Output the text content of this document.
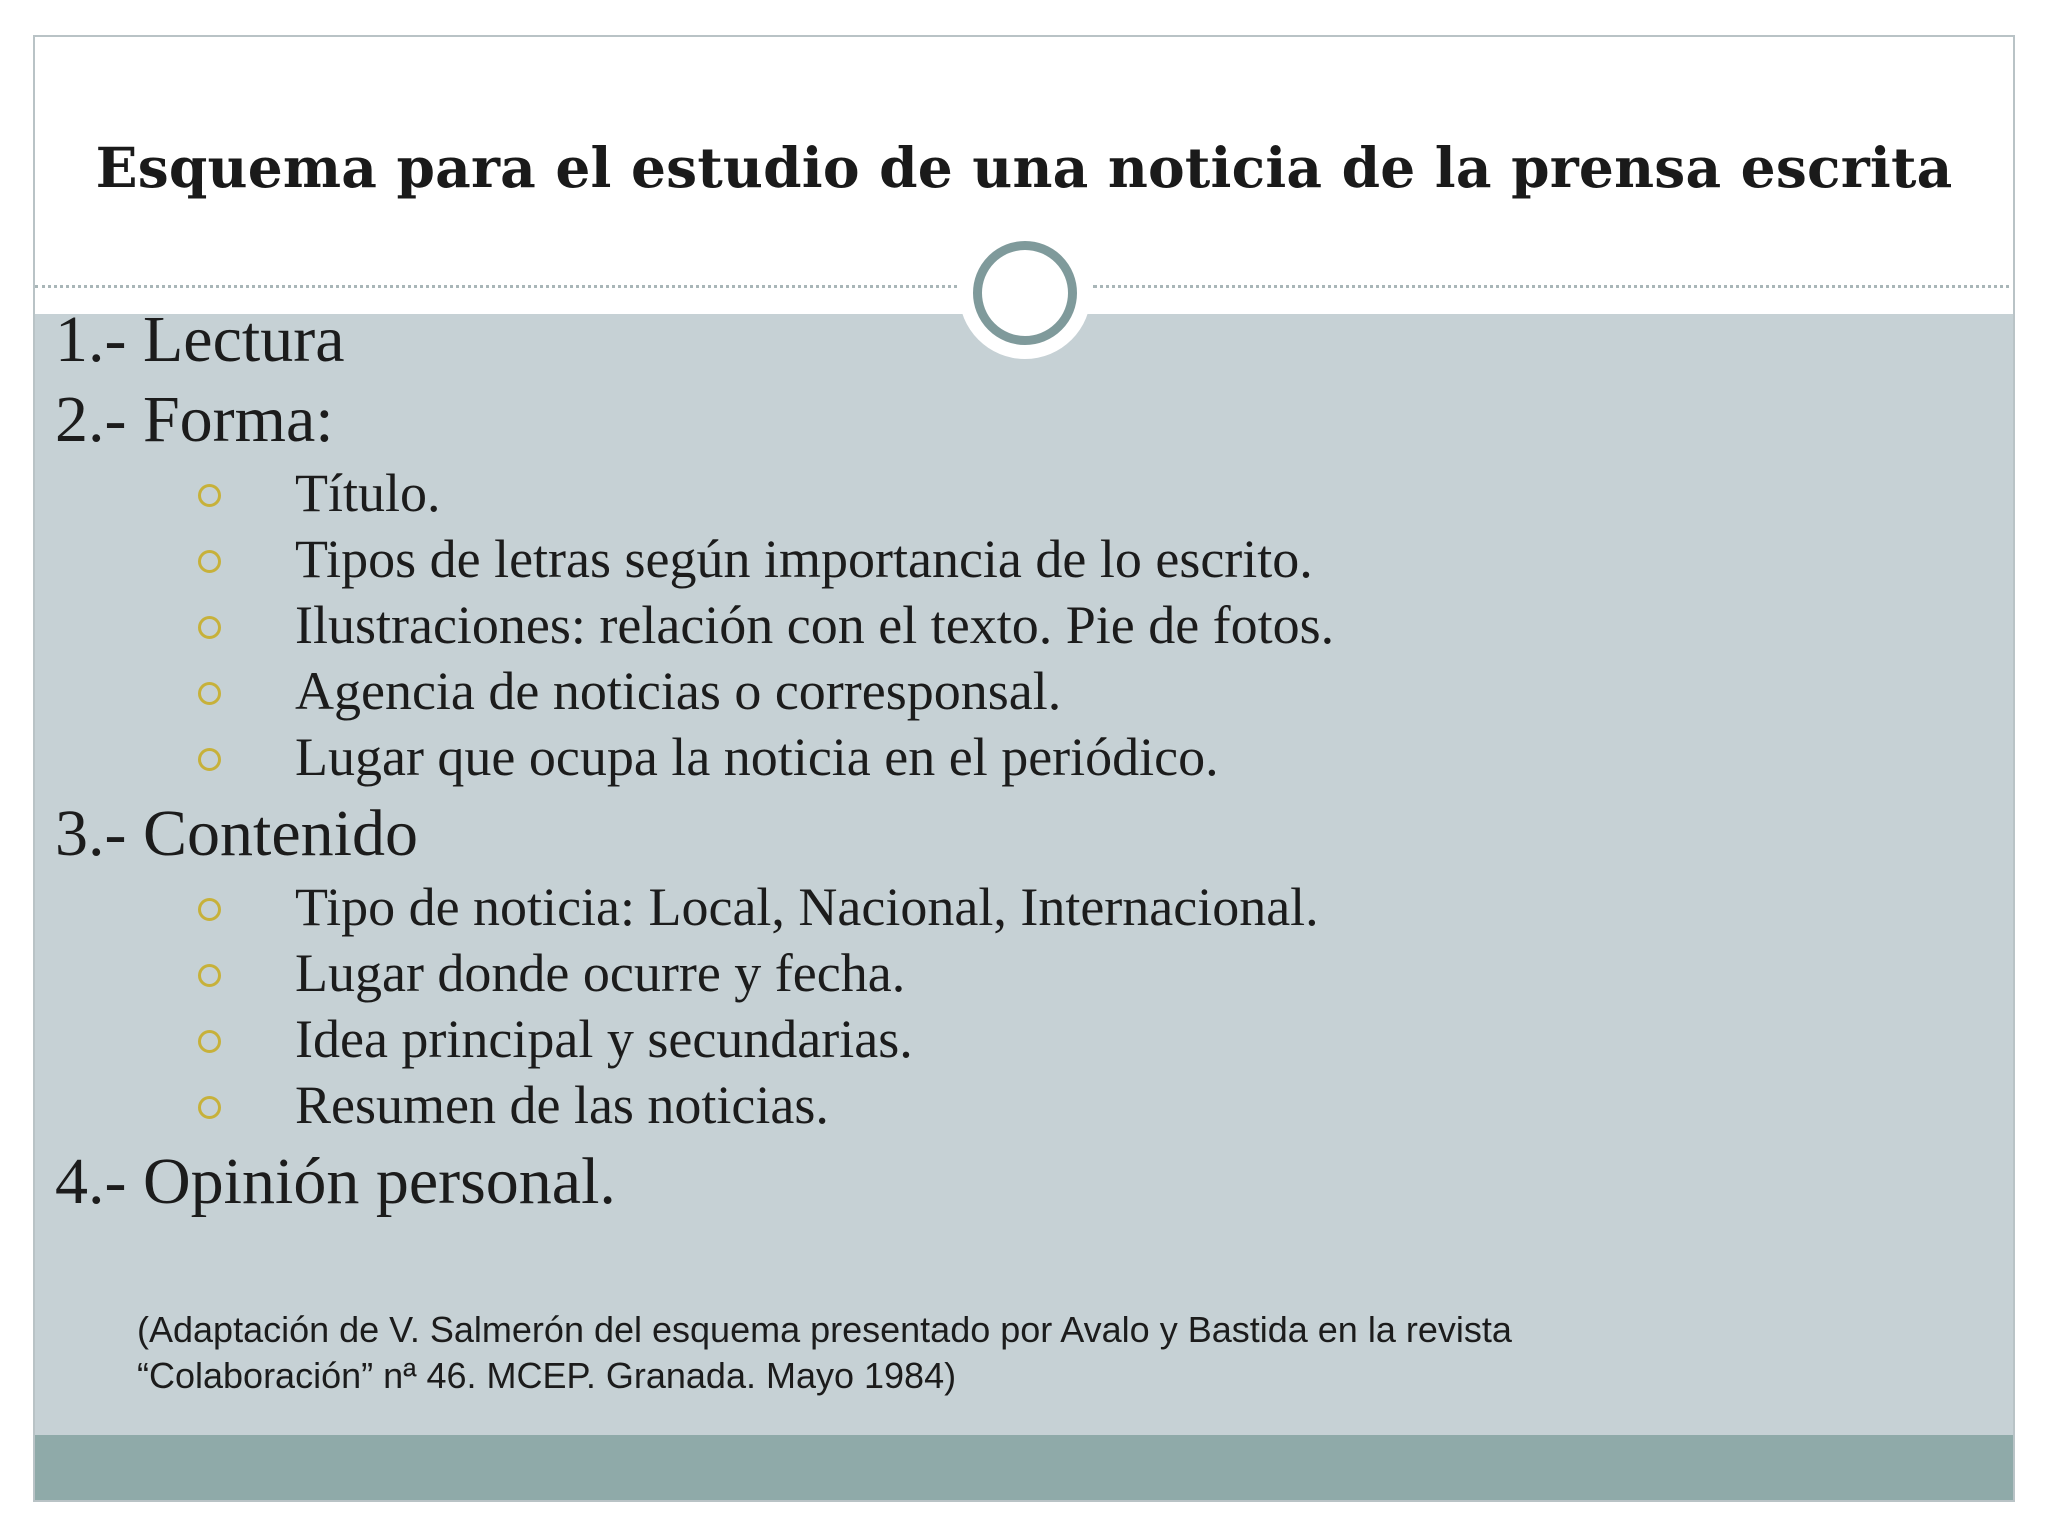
Esquema para el estudio de una noticia de la prensa escrita
1.- Lectura
2.- Forma:
Título.
Tipos de letras según importancia de lo escrito.
Ilustraciones: relación con el texto. Pie de fotos.
Agencia de noticias o corresponsal.
Lugar que ocupa la noticia en el periódico.
3.- Contenido
Tipo de noticia: Local, Nacional, Internacional.
Lugar donde ocurre y fecha.
Idea principal y secundarias.
Resumen de las noticias.
4.- Opinión personal.

(Adaptación de V. Salmerón del esquema presentado por Avalo y Bastida en la revista

“Colaboración” nª 46. MCEP. Granada. Mayo 1984)
